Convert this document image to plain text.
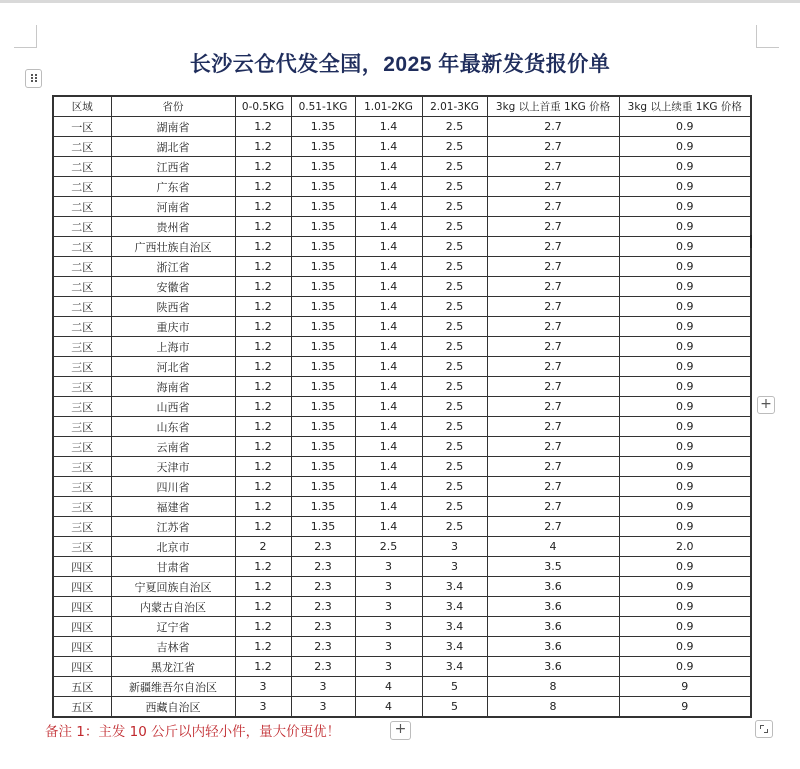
长沙云仓代发全国，2025 年最新发货报价单
区域	省份	0-0.5KG	0.51-1KG	1.01-2KG	2.01-3KG	3kg 以上首重 1KG 价格	3kg 以上续重 1KG 价格
一区	湖南省	1.2	1.35	1.4	2.5	2.7	0.9
二区	湖北省	1.2	1.35	1.4	2.5	2.7	0.9
二区	江西省	1.2	1.35	1.4	2.5	2.7	0.9
二区	广东省	1.2	1.35	1.4	2.5	2.7	0.9
二区	河南省	1.2	1.35	1.4	2.5	2.7	0.9
二区	贵州省	1.2	1.35	1.4	2.5	2.7	0.9
二区	广西壮族自治区	1.2	1.35	1.4	2.5	2.7	0.9
二区	浙江省	1.2	1.35	1.4	2.5	2.7	0.9
二区	安徽省	1.2	1.35	1.4	2.5	2.7	0.9
二区	陕西省	1.2	1.35	1.4	2.5	2.7	0.9
二区	重庆市	1.2	1.35	1.4	2.5	2.7	0.9
三区	上海市	1.2	1.35	1.4	2.5	2.7	0.9
三区	河北省	1.2	1.35	1.4	2.5	2.7	0.9
三区	海南省	1.2	1.35	1.4	2.5	2.7	0.9
三区	山西省	1.2	1.35	1.4	2.5	2.7	0.9
三区	山东省	1.2	1.35	1.4	2.5	2.7	0.9
三区	云南省	1.2	1.35	1.4	2.5	2.7	0.9
三区	天津市	1.2	1.35	1.4	2.5	2.7	0.9
三区	四川省	1.2	1.35	1.4	2.5	2.7	0.9
三区	福建省	1.2	1.35	1.4	2.5	2.7	0.9
三区	江苏省	1.2	1.35	1.4	2.5	2.7	0.9
三区	北京市	2	2.3	2.5	3	4	2.0
四区	甘肃省	1.2	2.3	3	3	3.5	0.9
四区	宁夏回族自治区	1.2	2.3	3	3.4	3.6	0.9
四区	内蒙古自治区	1.2	2.3	3	3.4	3.6	0.9
四区	辽宁省	1.2	2.3	3	3.4	3.6	0.9
四区	吉林省	1.2	2.3	3	3.4	3.6	0.9
四区	黑龙江省	1.2	2.3	3	3.4	3.6	0.9
五区	新疆维吾尔自治区	3	3	4	5	8	9
五区	西藏自治区	3	3	4	5	8	9
+
备注 1：主发 10 公斤以内轻小件，量大价更优！	+
